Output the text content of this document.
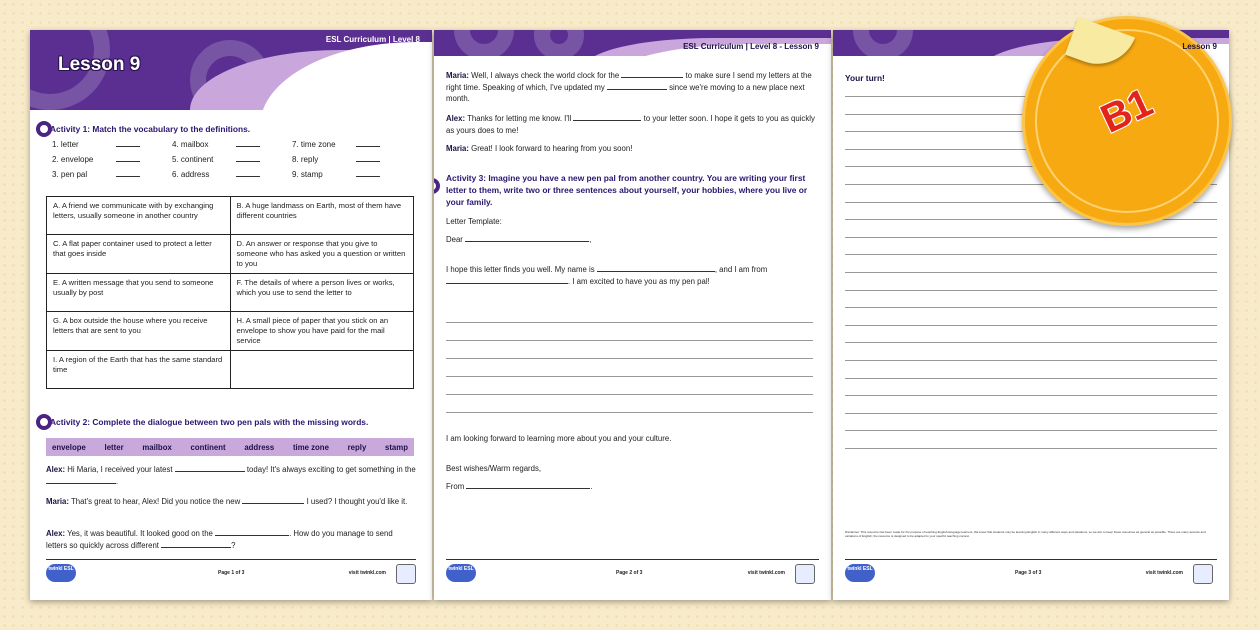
ESL Curriculum | Level 8
Lesson 9
Activity 1: Match the vocabulary to the definitions.
1. letter	4. mailbox	7. time zone
2. envelope	5. continent	8. reply
3. pen pal	6. address	9. stamp
A. A friend we communicate with by exchanging letters, usually someone in another country	B. A huge landmass on Earth, most of them have different countries
C. A flat paper container used to protect a letter that goes inside	D. An answer or response that you give to someone who has asked you a question or written to you
E. A written message that you send to someone usually by post	F. The details of where a person lives or works, which you use to send the letter to
G. A box outside the house where you receive letters that are sent to you	H. A small piece of paper that you stick on an envelope to show you have paid for the mail service
I. A region of the Earth that has the same standard time	
Activity 2: Complete the dialogue between two pen pals with the missing words.
envelope letter mailbox continent address time zone reply stamp
Alex: Hi Maria, I received your latest	today! It's always exciting to get something in the .
Maria: That's great to hear, Alex! Did you notice the new	I used? I thought you'd like it.
Alex: Yes, it was beautiful. It looked good on the	. How do you manage to send letters so quickly across different	?
twinkl ESL
Page 1 of 3	visit twinkl.com
ESL Curriculum | Level 8 - Lesson 9
Maria: Well, I always check the world clock for the	to make sure I send my letters at the right time. Speaking of which, I've updated my	since we're moving to a new place next month.
Alex: Thanks for letting me know. I'll	to your letter soon. I hope it gets to you as quickly as yours does to me!
Maria: Great! I look forward to hearing from you soon!
Activity 3: Imagine you have a new pen pal from another country. You are writing your first letter to them, write two or three sentences about yourself, your hobbies, where you live or your family.
Letter Template:
Dear	,
I hope this letter finds you well. My name is	, and I am from
. I am excited to have you as my pen pal!
I am looking forward to learning more about you and your culture.
Best wishes/Warm regards,
From	.
twinkl ESL
Page 2 of 3	visit twinkl.com
Lesson 9
Your turn!
Disclaimer: This resource has been made for the purpose of teaching English language learners. We know that students may be learning English in many different ways and situations, so we aim to keep these resources as general as possible. There are many accents and variations of English; the resource is designed to be adapted to your specific teaching context.
twinkl ESL
Page 3 of 3	visit twinkl.com
B1
